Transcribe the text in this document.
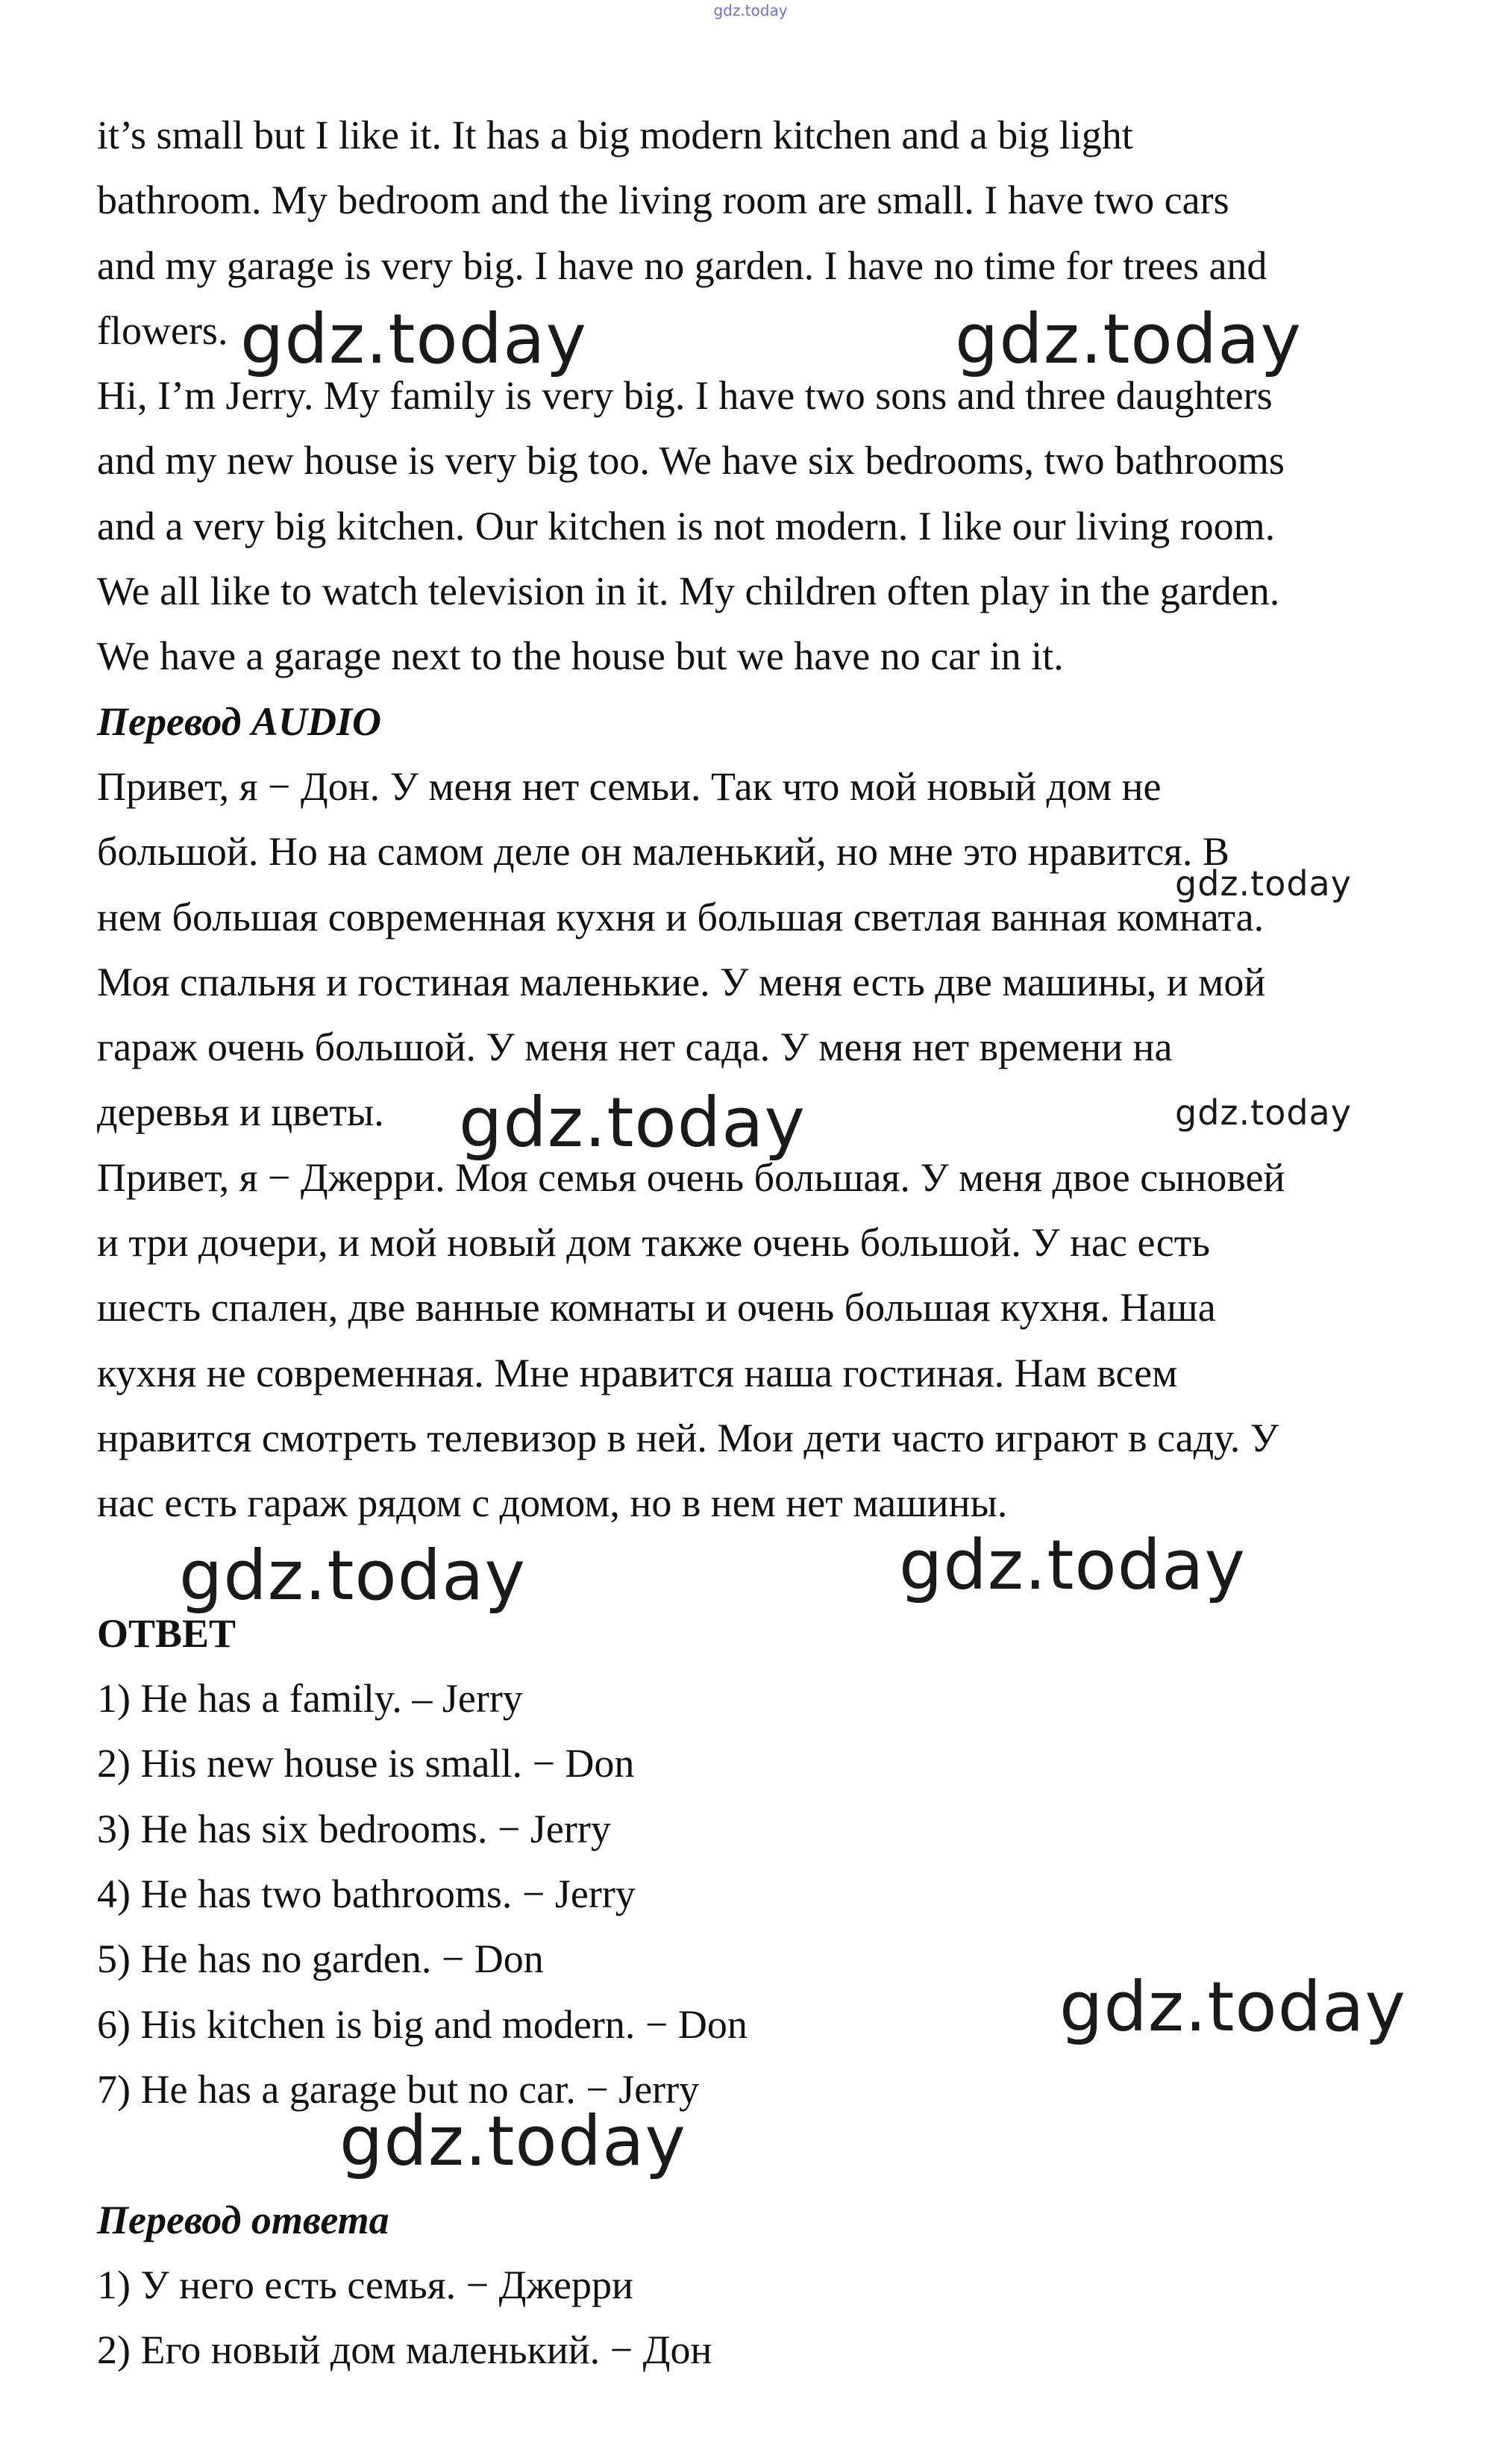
gdz.today
it’s small but I like it. It has a big modern kitchen and a big light
bathroom. My bedroom and the living room are small. I have two cars
and my garage is very big. I have no garden. I have no time for trees and
flowers.
Hi, I’m Jerry. My family is very big. I have two sons and three daughters
and my new house is very big too. We have six bedrooms, two bathrooms
and a very big kitchen. Our kitchen is not modern. I like our living room.
We all like to watch television in it. My children often play in the garden.
We have a garage next to the house but we have no car in it.
Перевод AUDIO
Привет, я − Дон. У меня нет семьи. Так что мой новый дом не
большой. Но на самом деле он маленький, но мне это нравится. В
нем большая современная кухня и большая светлая ванная комната.
Моя спальня и гостиная маленькие. У меня есть две машины, и мой
гараж очень большой. У меня нет сада. У меня нет времени на
деревья и цветы.
Привет, я − Джерри. Моя семья очень большая. У меня двое сыновей
и три дочери, и мой новый дом также очень большой. У нас есть
шесть спален, две ванные комнаты и очень большая кухня. Наша
кухня не современная. Мне нравится наша гостиная. Нам всем
нравится смотреть телевизор в ней. Мои дети часто играют в саду. У
нас есть гараж рядом с домом, но в нем нет машины.
ОТВЕТ
1) He has a family. – Jerry
2) His new house is small. − Don
3) He has six bedrooms. − Jerry
4) He has two bathrooms. − Jerry
5) He has no garden. − Don
6) His kitchen is big and modern. − Don
7) He has a garage but no car. − Jerry
Перевод ответа
1) У него есть семья. − Джерри
2) Его новый дом маленький. − Дон
gdz.today	gdz.today
gdz.today
gdz.today	gdz.today
gdz.today	gdz.today
gdz.today
gdz.today
